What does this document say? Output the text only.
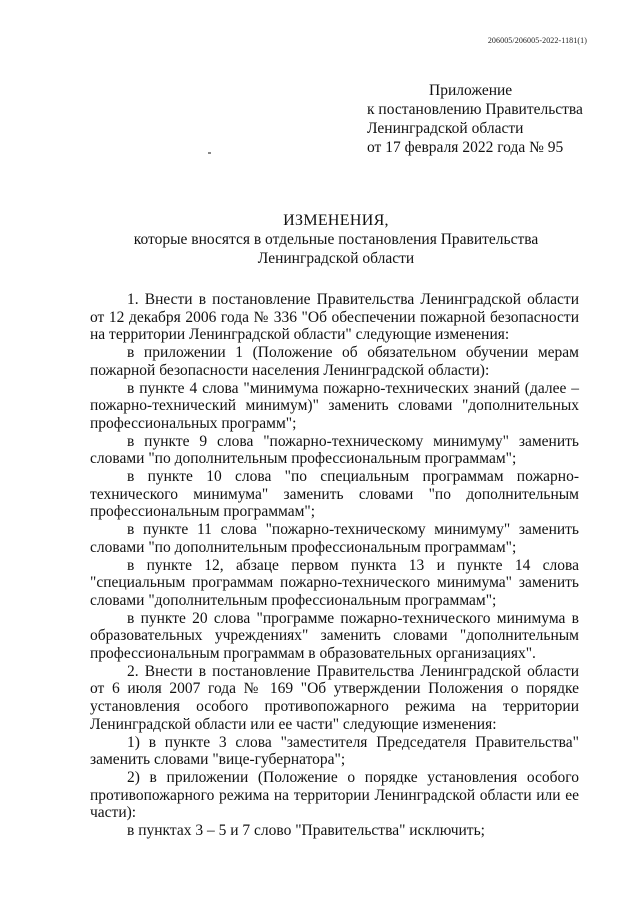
206005/206005-2022-1181(1)
Приложение
к постановлению Правительства
Ленинградской области
от 17 февраля 2022 года № 95
ИЗМЕНЕНИЯ,
которые вносятся в отдельные постановления Правительства
Ленинградской области

1. Внести в постановление Правительства Ленинградской области от 12 декабря 2006 года № 336 "Об обеспечении пожарной безопасности на территории Ленинградской области" следующие изменения:

в приложении 1 (Положение об обязательном обучении мерам пожарной безопасности населения Ленинградской области):

в пункте 4 слова "минимума пожарно-технических знаний (далее – пожарно-технический минимум)" заменить словами "дополнительных профессиональных программ";

в пункте 9 слова "пожарно-техническому минимуму" заменить словами "по дополнительным профессиональным программам";

в пункте 10 слова "по специальным программам пожарно-технического минимума" заменить словами "по дополнительным профессиональным программам";

в пункте 11 слова "пожарно-техническому минимуму" заменить словами "по дополнительным профессиональным программам";

в пункте 12, абзаце первом пункта 13 и пункте 14 слова "специальным программам пожарно-технического минимума" заменить словами "дополнительным профессиональным программам";

в пункте 20 слова "программе пожарно-технического минимума в образовательных учреждениях" заменить словами "дополнительным профессиональным программам в образовательных организациях".

2. Внести в постановление Правительства Ленинградской области от 6 июля 2007 года № 169 "Об утверждении Положения о порядке установления особого противопожарного режима на территории Ленинградской области или ее части" следующие изменения:

1) в пункте 3 слова "заместителя Председателя Правительства" заменить словами "вице-губернатора";

2) в приложении (Положение о порядке установления особого противопожарного режима на территории Ленинградской области или ее части):

в пунктах 3 – 5 и 7 слово "Правительства" исключить;
